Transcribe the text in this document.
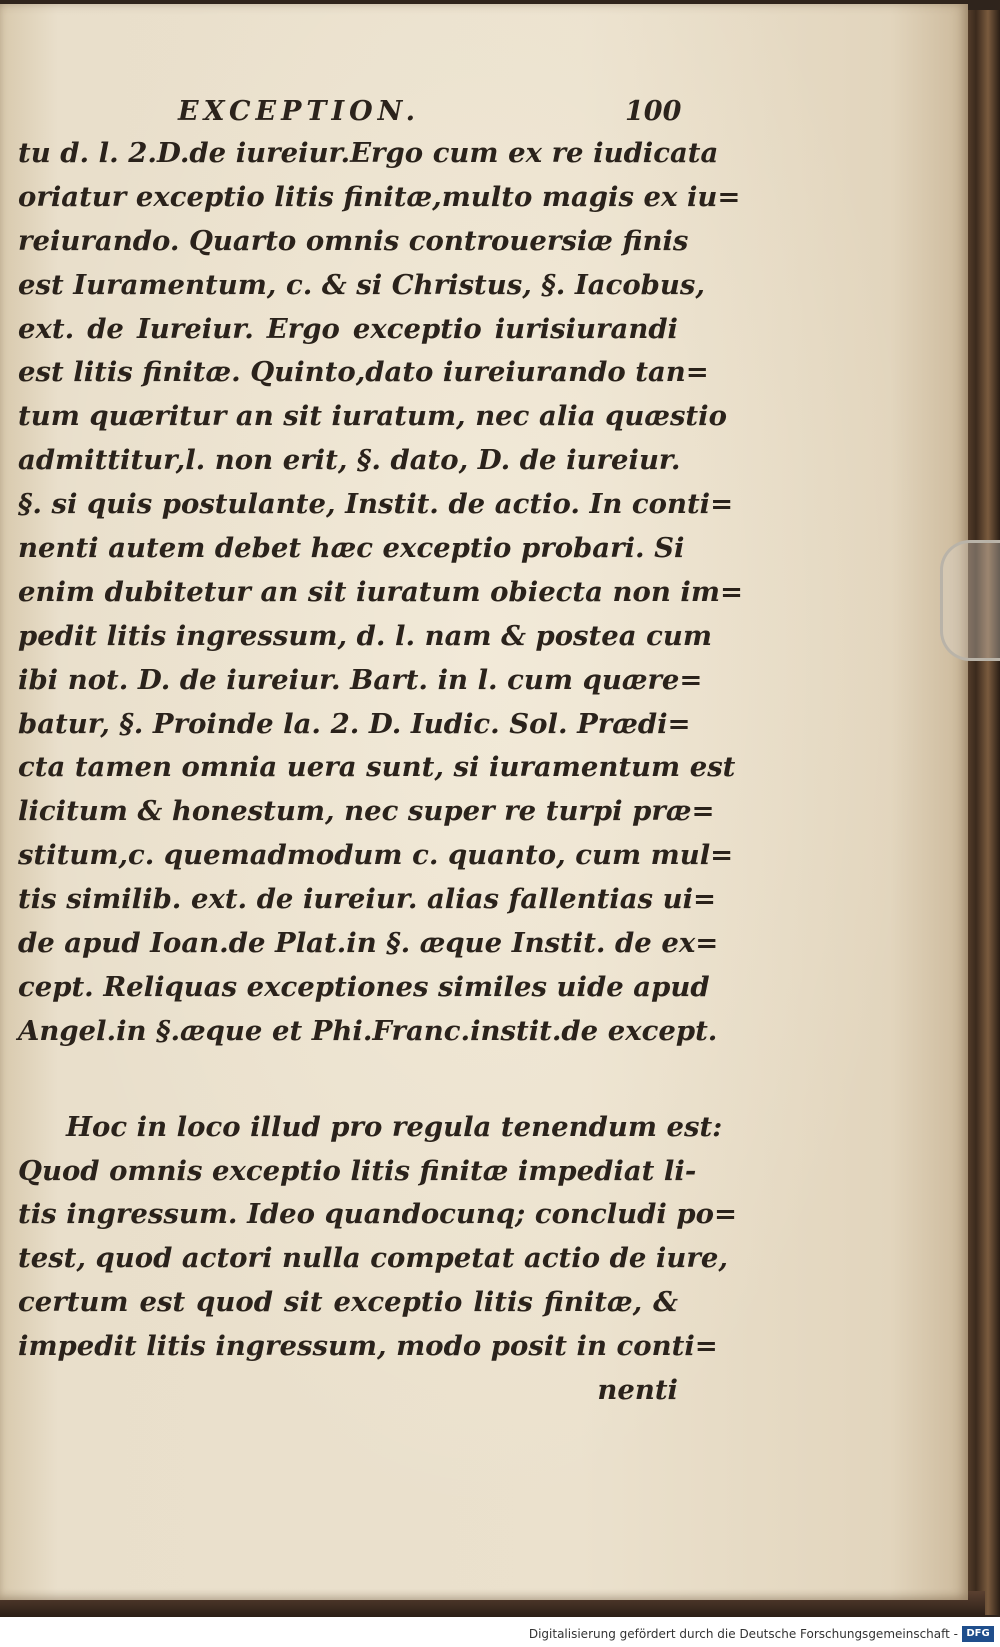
EXCEPTION.	100
tu d. l. 2.D.de iureiur.Ergo cum ex re iudicata
oriatur exceptio litis finitæ,multo magis ex iu=
reiurando. Quarto omnis controuersiæ finis
est Iuramentum, c. & si Christus, §. Iacobus,
ext. de Iureiur. Ergo exceptio iurisiurandi
est litis finitæ. Quinto,dato iureiurando tan=
tum quæritur an sit iuratum, nec alia quæstio
admittitur,l. non erit, §. dato, D. de iureiur.
§. si quis postulante, Instit. de actio. In conti=
nenti autem debet hæc exceptio probari. Si
enim dubitetur an sit iuratum obiecta non im=
pedit litis ingressum, d. l. nam & postea cum
ibi not. D. de iureiur. Bart. in l. cum quære=
batur, §. Proinde la. 2. D. Iudic. Sol. Prædi=
cta tamen omnia uera sunt, si iuramentum est
licitum & honestum, nec super re turpi præ=
stitum,c. quemadmodum c. quanto, cum mul=
tis similib. ext. de iureiur. alias fallentias ui=
de apud Ioan.de Plat.in §. æque Instit. de ex=
cept. Reliquas exceptiones similes uide apud
Angel.in §.æque et Phi.Franc.instit.de except.
Hoc in loco illud pro regula tenendum est:
Quod omnis exceptio litis finitæ impediat li-
tis ingressum. Ideo quandocunq; concludi po=
test, quod actori nulla competat actio de iure,
certum est quod sit exceptio litis finitæ, &
impedit litis ingressum, modo posit in conti=
nenti
Digitalisierung gefördert durch die Deutsche Forschungsgemeinschaft - DFG
